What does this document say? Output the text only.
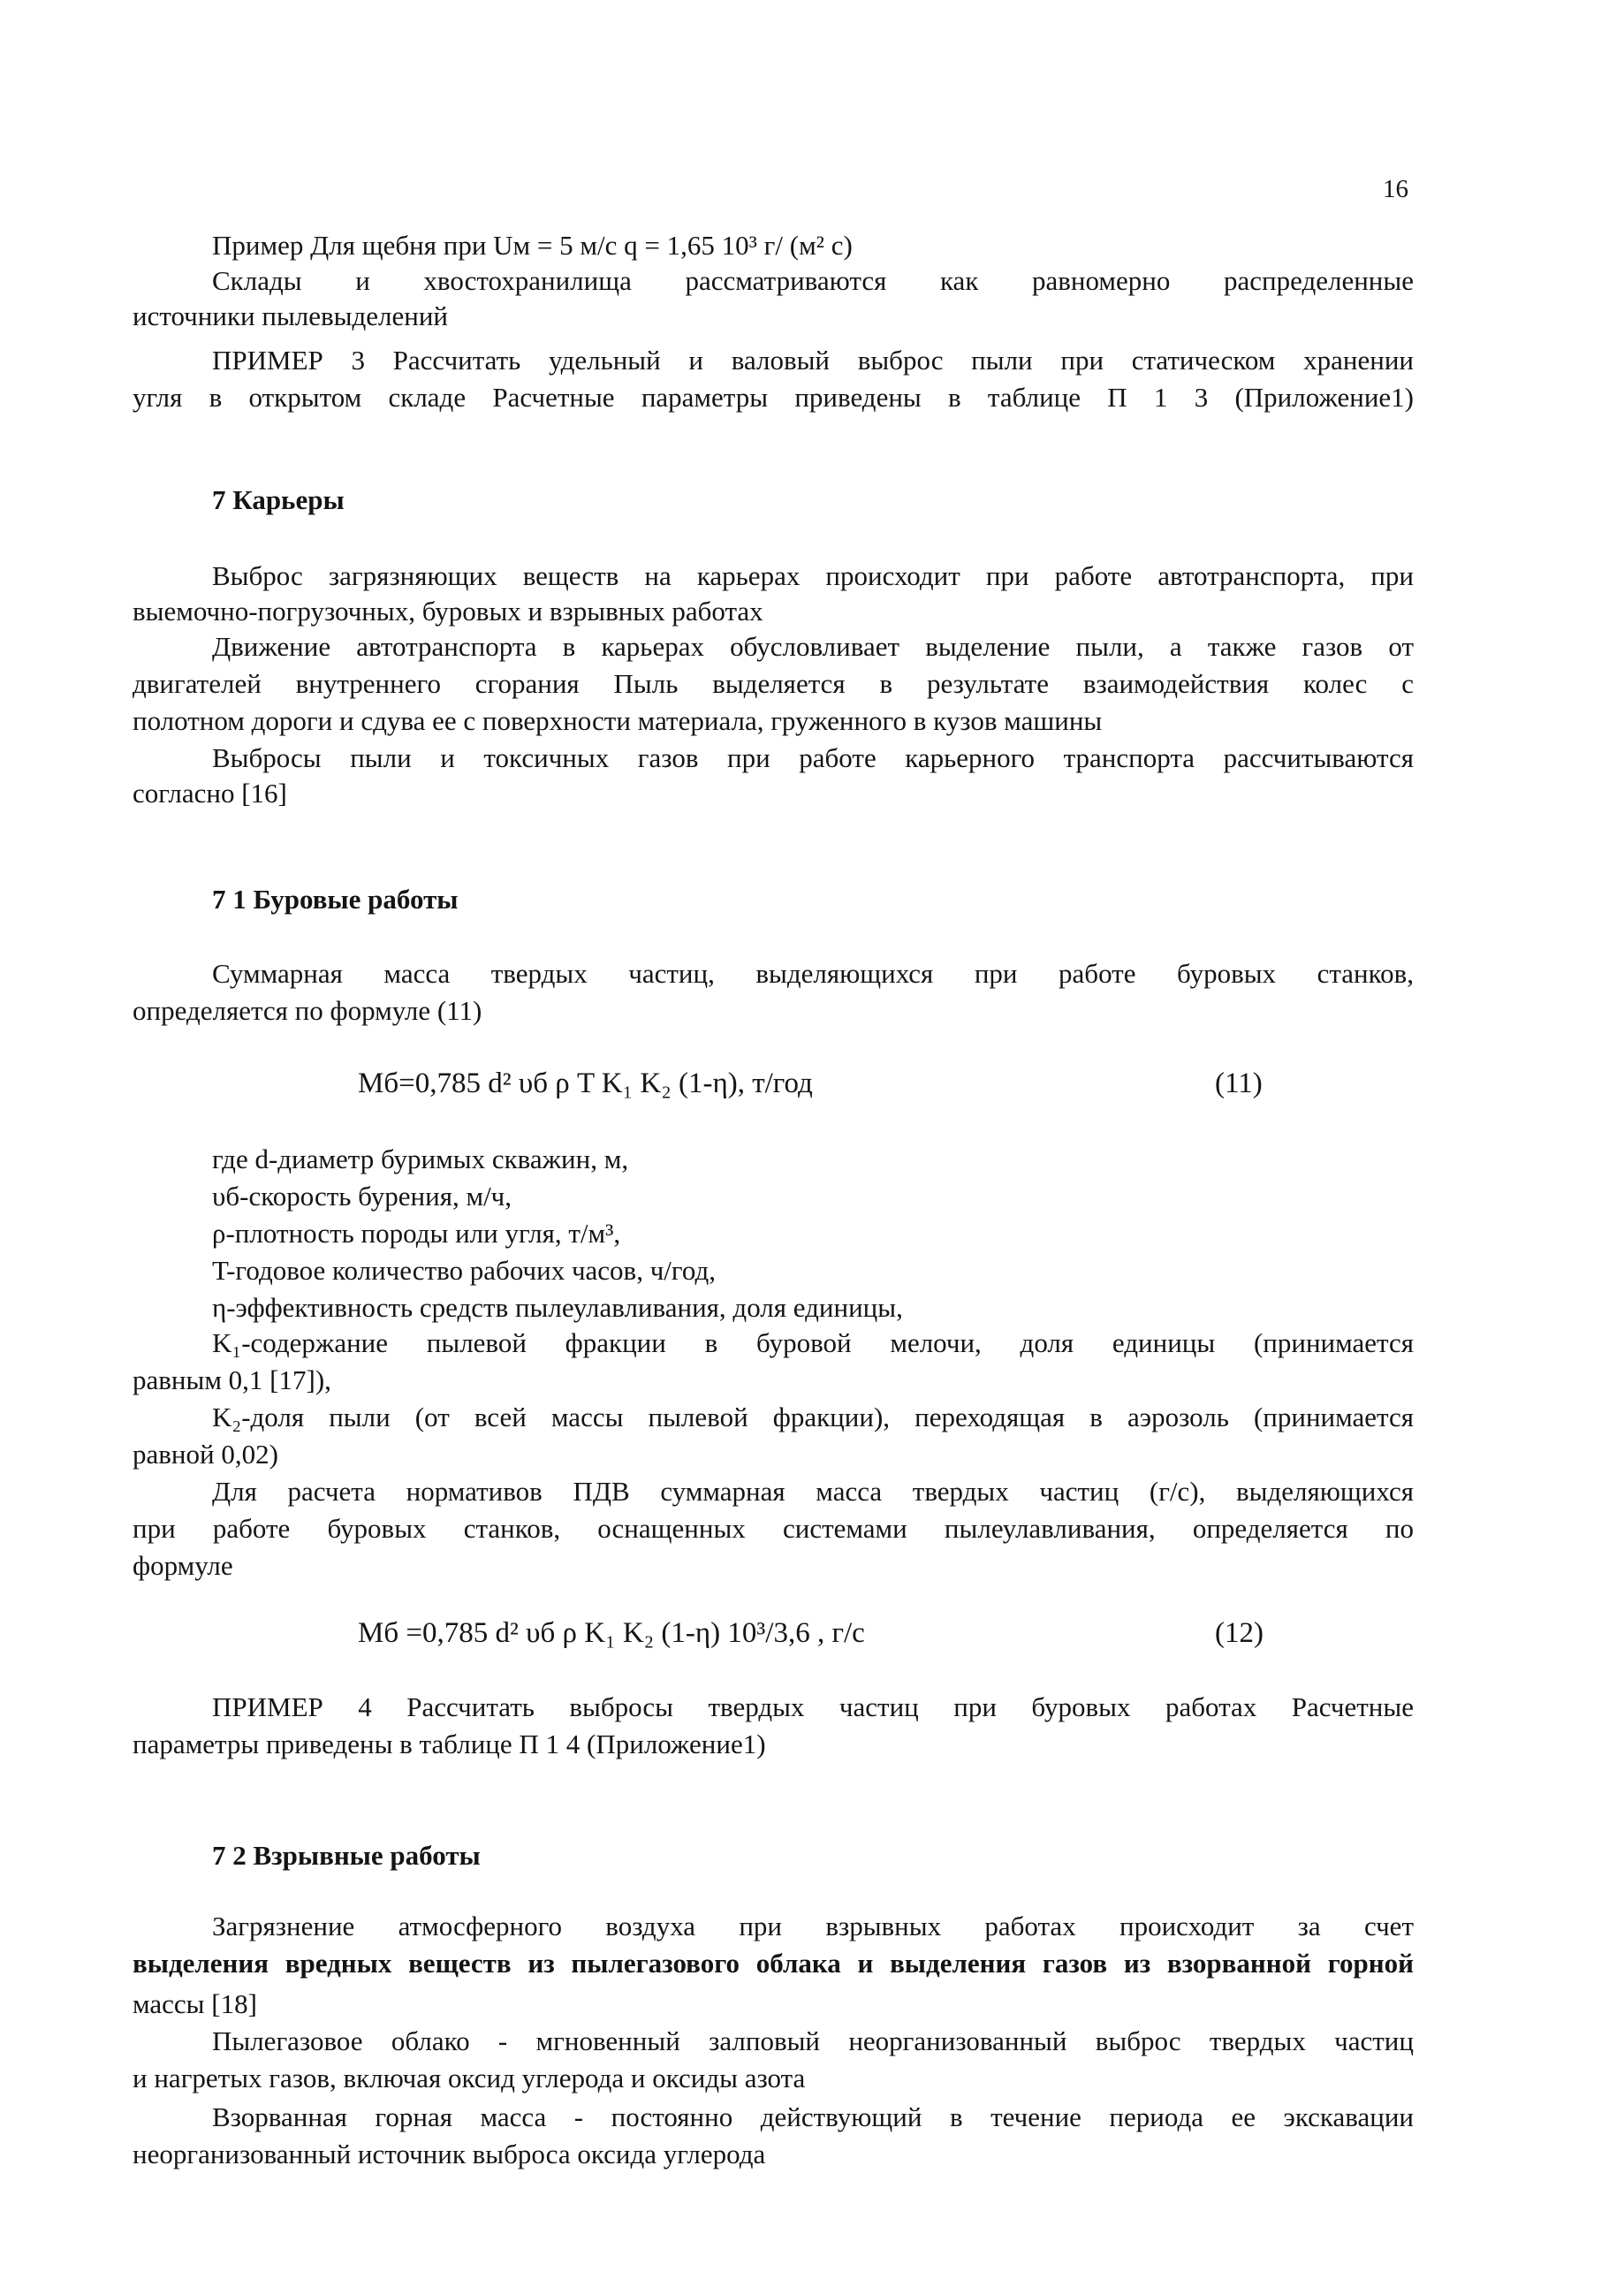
16
Пример Для щебня при Uм = 5 м/с q = 1,65 10³ г/ (м² с)
Склады и хвостохранилища рассматриваются как равномерно распределенные
источники пылевыделений
ПРИМЕР 3 Рассчитать удельный и валовый выброс пыли при статическом хранении
угля в открытом складе Расчетные параметры приведены в таблице П 1 3 (Приложение1)
7 Карьеры
Выброс загрязняющих веществ на карьерах происходит при работе автотранспорта, при
выемочно-погрузочных, буровых и взрывных работах
Движение автотранспорта в карьерах обусловливает выделение пыли, а также газов от
двигателей внутреннего сгорания Пыль выделяется в результате взаимодействия колес с
полотном дороги и сдува ее с поверхности материала, груженного в кузов машины
Выбросы пыли и токсичных газов при работе карьерного транспорта рассчитываются
согласно [16]
7 1 Буровые работы
Суммарная масса твердых частиц, выделяющихся при работе буровых станков,
определяется по формуле (11)
Mб=0,785 d² υб ρ T K₁ K₂ (1-η), т/год	(11)
где d-диаметр буримых скважин, м,
υб-скорость бурения, м/ч,
ρ-плотность породы или угля, т/м³,
T-годовое количество рабочих часов, ч/год,
η-эффективность средств пылеулавливания, доля единицы,
K₁-содержание пылевой фракции в буровой мелочи, доля единицы (принимается
равным 0,1 [17]),
K₂-доля пыли (от всей массы пылевой фракции), переходящая в аэрозоль (принимается
равной 0,02)
Для расчета нормативов ПДВ суммарная масса твердых частиц (г/с), выделяющихся
при работе буровых станков, оснащенных системами пылеулавливания, определяется по
формуле
Mб =0,785 d² υб ρ K₁ K₂ (1-η) 10³/3,6 , г/с	(12)
ПРИМЕР 4 Рассчитать выбросы твердых частиц при буровых работах Расчетные
параметры приведены в таблице П 1 4 (Приложение1)
7 2 Взрывные работы
Загрязнение атмосферного воздуха при взрывных работах происходит за счет
выделения вредных веществ из пылегазового облака и выделения газов из взорванной горной
массы [18]
Пылегазовое облако - мгновенный залповый неорганизованный выброс твердых частиц
и нагретых газов, включая оксид углерода и оксиды азота
Взорванная горная масса - постоянно действующий в течение периода ее экскавации
неорганизованный источник выброса оксида углерода
